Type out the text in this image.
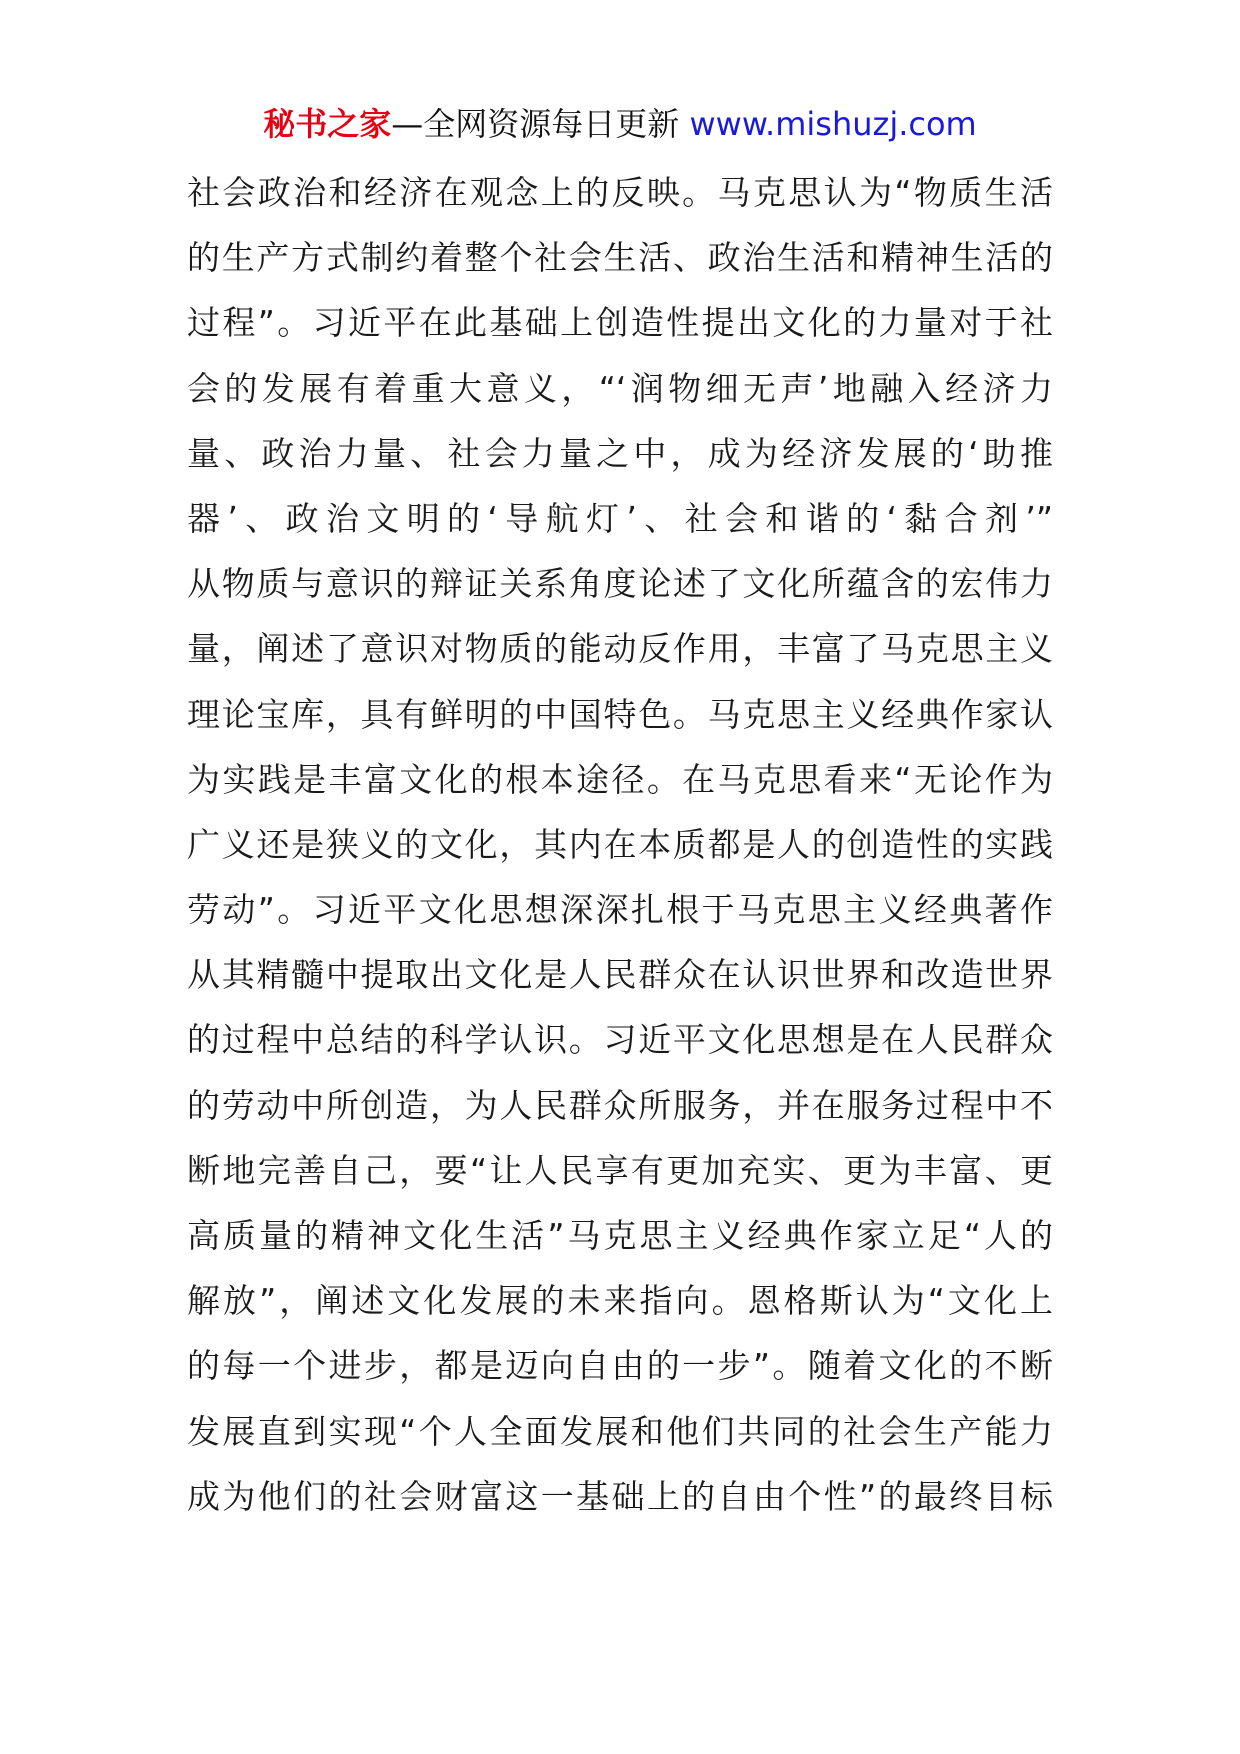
秘书之家—全网资源每日更新 www.mishuzj.com
社会政治和经济在观念上的反映。马克思认为“物质生活
的生产方式制约着整个社会生活、政治生活和精神生活的
过程”。习近平在此基础上创造性提出文化的力量对于社
会的发展有着重大意义，“‘润物细无声’地融入经济力
量、政治力量、社会力量之中，成为经济发展的‘助推
器’、政治文明的‘导航灯’、社会和谐的‘黏合剂’”
从物质与意识的辩证关系角度论述了文化所蕴含的宏伟力
量，阐述了意识对物质的能动反作用，丰富了马克思主义
理论宝库，具有鲜明的中国特色。马克思主义经典作家认
为实践是丰富文化的根本途径。在马克思看来“无论作为
广义还是狭义的文化，其内在本质都是人的创造性的实践
劳动”。习近平文化思想深深扎根于马克思主义经典著作
从其精髓中提取出文化是人民群众在认识世界和改造世界
的过程中总结的科学认识。习近平文化思想是在人民群众
的劳动中所创造，为人民群众所服务，并在服务过程中不
断地完善自己，要“让人民享有更加充实、更为丰富、更
高质量的精神文化生活”马克思主义经典作家立足“人的
解放”，阐述文化发展的未来指向。恩格斯认为“文化上
的每一个进步，都是迈向自由的一步”。随着文化的不断
发展直到实现“个人全面发展和他们共同的社会生产能力
成为他们的社会财富这一基础上的自由个性”的最终目标
